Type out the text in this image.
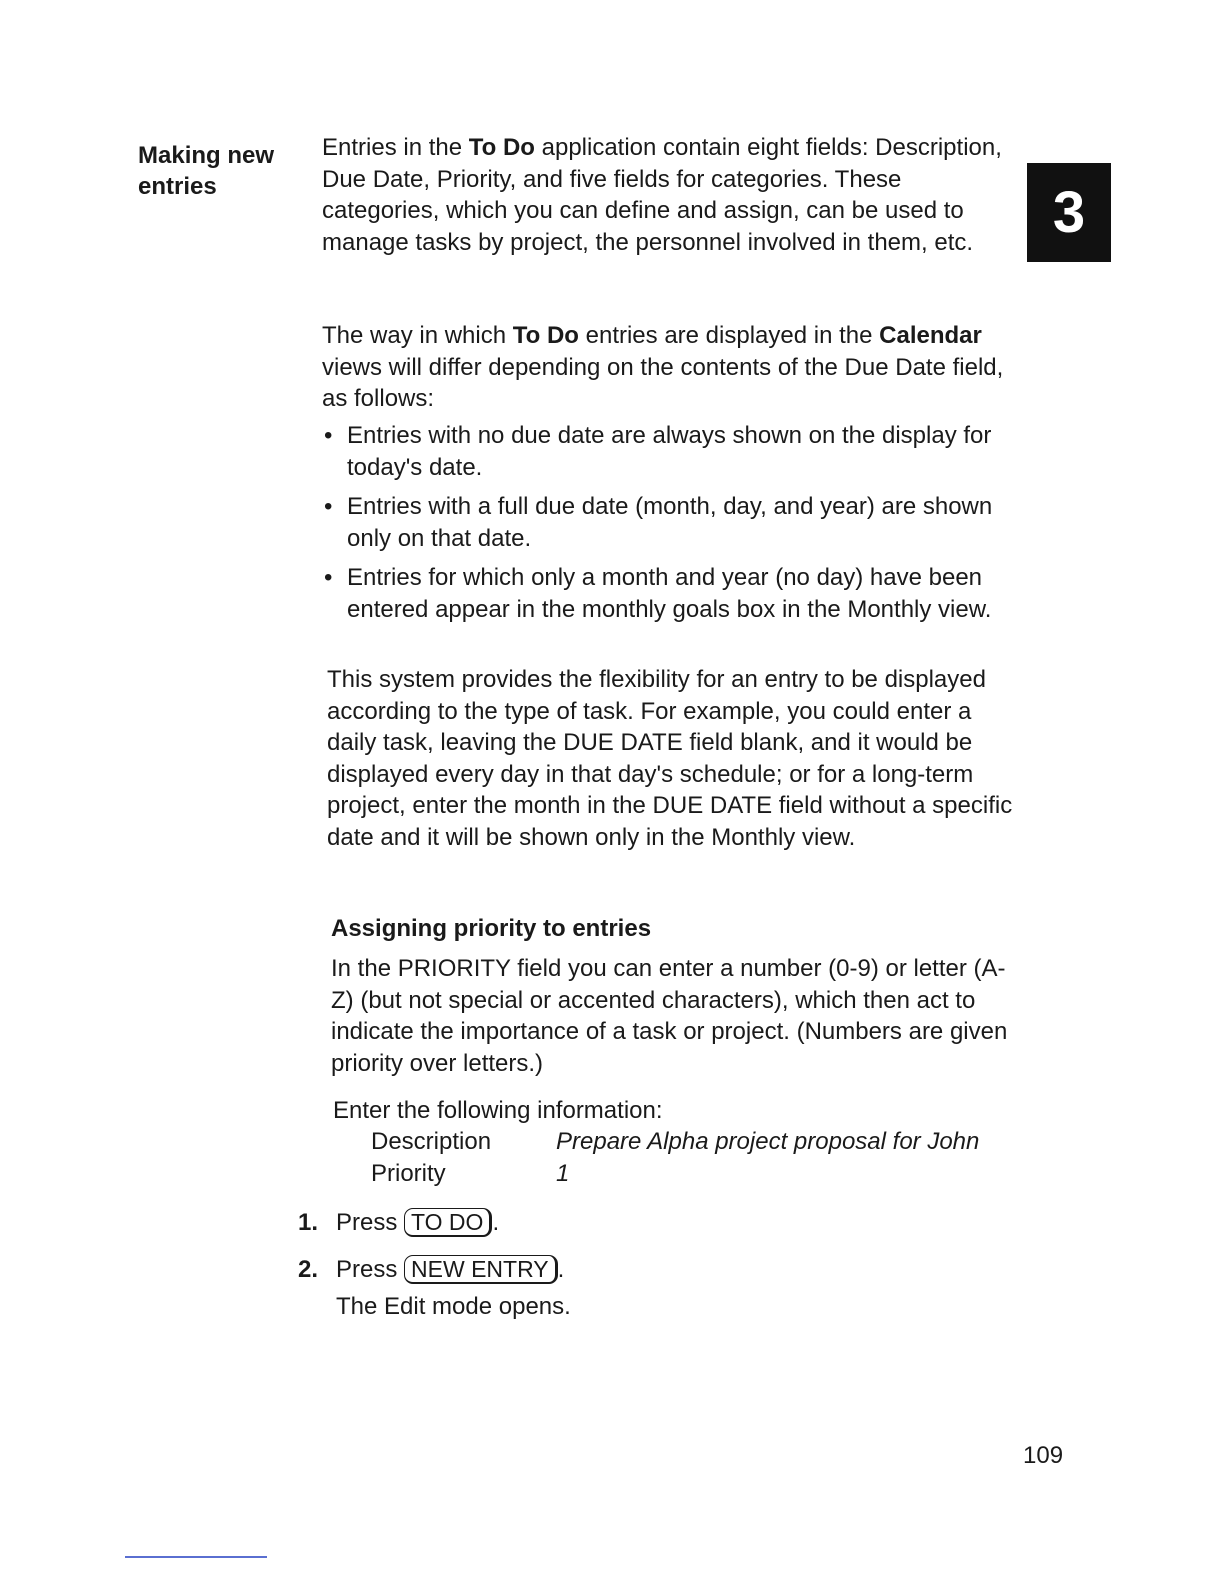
Making new
entries	3

Entries in the To Do application contain eight fields: Description, Due Date, Priority, and five fields for categories. These categories, which you can define and assign, can be used to manage tasks by project, the personnel involved in them, etc.

The way in which To Do entries are displayed in the Calendar views will differ depending on the contents of the Due Date field, as follows:

• Entries with no due date are always shown on the display for today's date.
• Entries with a full due date (month, day, and year) are shown only on that date.
• Entries for which only a month and year (no day) have been entered appear in the monthly goals box in the Monthly view.

This system provides the flexibility for an entry to be displayed according to the type of task. For example, you could enter a daily task, leaving the DUE DATE field blank, and it would be displayed every day in that day's schedule; or for a long-term project, enter the month in the DUE DATE field without a specific date and it will be shown only in the Monthly view.

Assigning priority to entries

In the PRIORITY field you can enter a number (0-9) or letter (A-Z) (but not special or accented characters), which then act to indicate the importance of a task or project. (Numbers are given priority over letters.)

Enter the following information:

Description	Prepare Alpha project proposal for John
Priority	1
1. Press TO DO .
2. Press NEW ENTRY .
The Edit mode opens.
109
